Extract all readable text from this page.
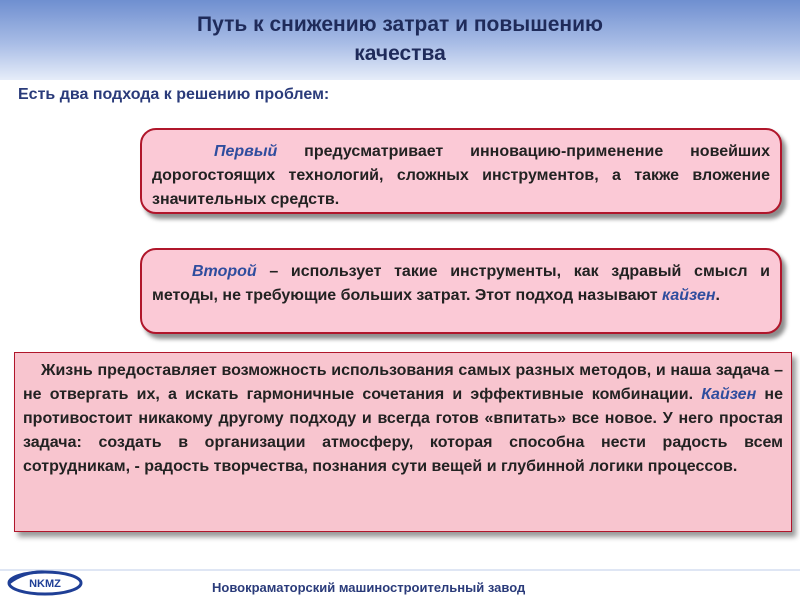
Путь к снижению затрат и повышению
качества
Есть два подхода к решению проблем:
Первый предусматривает инновацию-применение новейших дорогостоящих технологий, сложных инструментов, а также вложение значительных средств.
Второй – использует такие инструменты, как здравый смысл и методы, не требующие больших затрат. Этот подход называют кайзен.
Жизнь предоставляет возможность использования самых разных методов, и наша задача – не отвергать их, а искать гармоничные сочетания и эффективные комбинации. Кайзен не противостоит никакому другому подходу и всегда готов «впитать» все новое. У него простая задача: создать в организации атмосферу, которая способна нести радость всем сотрудникам, - радость творчества, познания сути вещей и глубинной логики процессов.
NKMZ	Новокраматорский машиностроительный завод
